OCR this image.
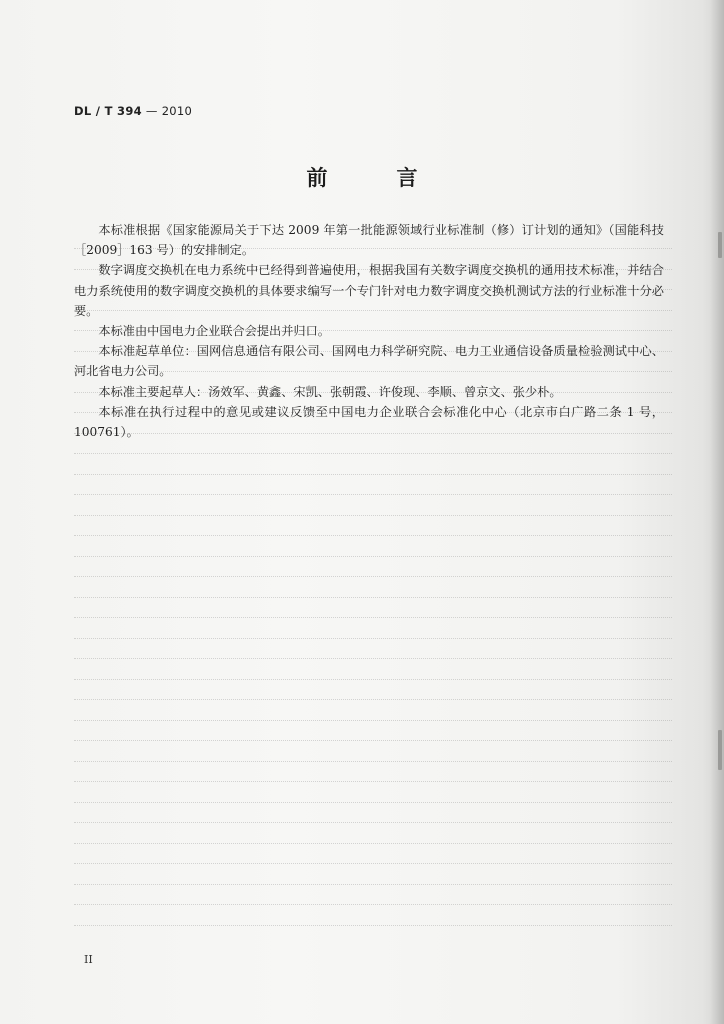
DL / T 394 — 2010
前　言

本标准根据《国家能源局关于下达 2009 年第一批能源领域行业标准制（修）订计划的通知》（国能科技［2009］163 号）的安排制定。

数字调度交换机在电力系统中已经得到普遍使用，根据我国有关数字调度交换机的通用技术标准，并结合电力系统使用的数字调度交换机的具体要求编写一个专门针对电力数字调度交换机测试方法的行业标准十分必要。

本标准由中国电力企业联合会提出并归口。

本标准起草单位：国网信息通信有限公司、国网电力科学研究院、电力工业通信设备质量检验测试中心、河北省电力公司。

本标准主要起草人：汤效军、黄鑫、宋凯、张朝霞、许俊现、李顺、曾京文、张少朴。

本标准在执行过程中的意见或建议反馈至中国电力企业联合会标准化中心（北京市白广路二条 1 号，100761）。

II
